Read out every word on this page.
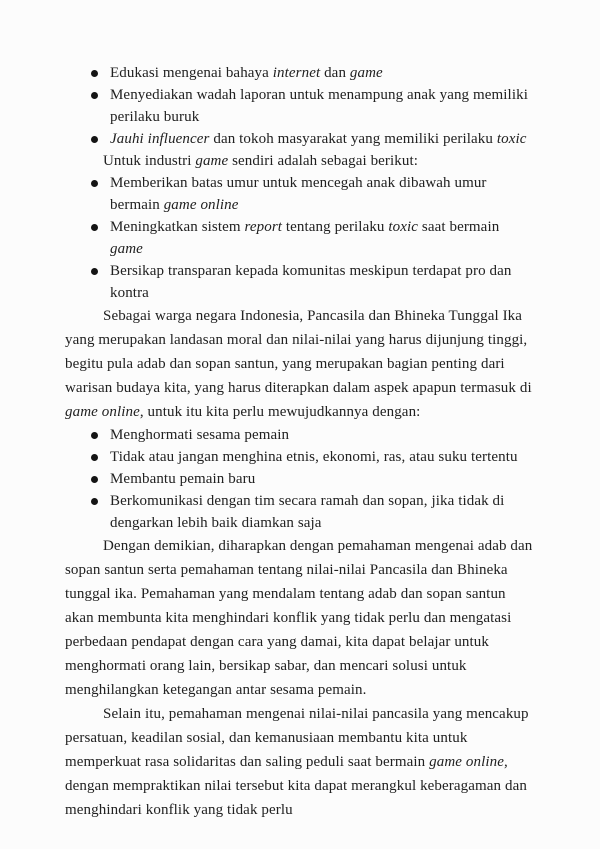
Edukasi mengenai bahaya internet dan game
Menyediakan wadah laporan untuk menampung anak yang memiliki perilaku buruk
Jauhi influencer dan tokoh masyarakat yang memiliki perilaku toxic

Untuk industri game sendiri adalah sebagai berikut:

Memberikan batas umur untuk mencegah anak dibawah umur bermain game online
Meningkatkan sistem report tentang perilaku toxic saat bermain game
Bersikap transparan kepada komunitas meskipun terdapat pro dan kontra

Sebagai warga negara Indonesia, Pancasila dan Bhineka Tunggal Ika yang merupakan landasan moral dan nilai-nilai yang harus dijunjung tinggi, begitu pula adab dan sopan santun, yang merupakan bagian penting dari warisan budaya kita, yang harus diterapkan dalam aspek apapun termasuk di game online, untuk itu kita perlu mewujudkannya dengan:

Menghormati sesama pemain
Tidak atau jangan menghina etnis, ekonomi, ras, atau suku tertentu
Membantu pemain baru
Berkomunikasi dengan tim secara ramah dan sopan, jika tidak di dengarkan lebih baik diamkan saja

Dengan demikian, diharapkan dengan pemahaman mengenai adab dan sopan santun serta pemahaman tentang nilai-nilai Pancasila dan Bhineka tunggal ika. Pemahaman yang mendalam tentang adab dan sopan santun akan membunta kita menghindari konflik yang tidak perlu dan mengatasi perbedaan pendapat dengan cara yang damai, kita dapat belajar untuk menghormati orang lain, bersikap sabar, dan mencari solusi untuk menghilangkan ketegangan antar sesama pemain.

Selain itu, pemahaman mengenai nilai-nilai pancasila yang mencakup persatuan, keadilan sosial, dan kemanusiaan membantu kita untuk memperkuat rasa solidaritas dan saling peduli saat bermain game online, dengan mempraktikan nilai tersebut kita dapat merangkul keberagaman dan menghindari konflik yang tidak perlu
